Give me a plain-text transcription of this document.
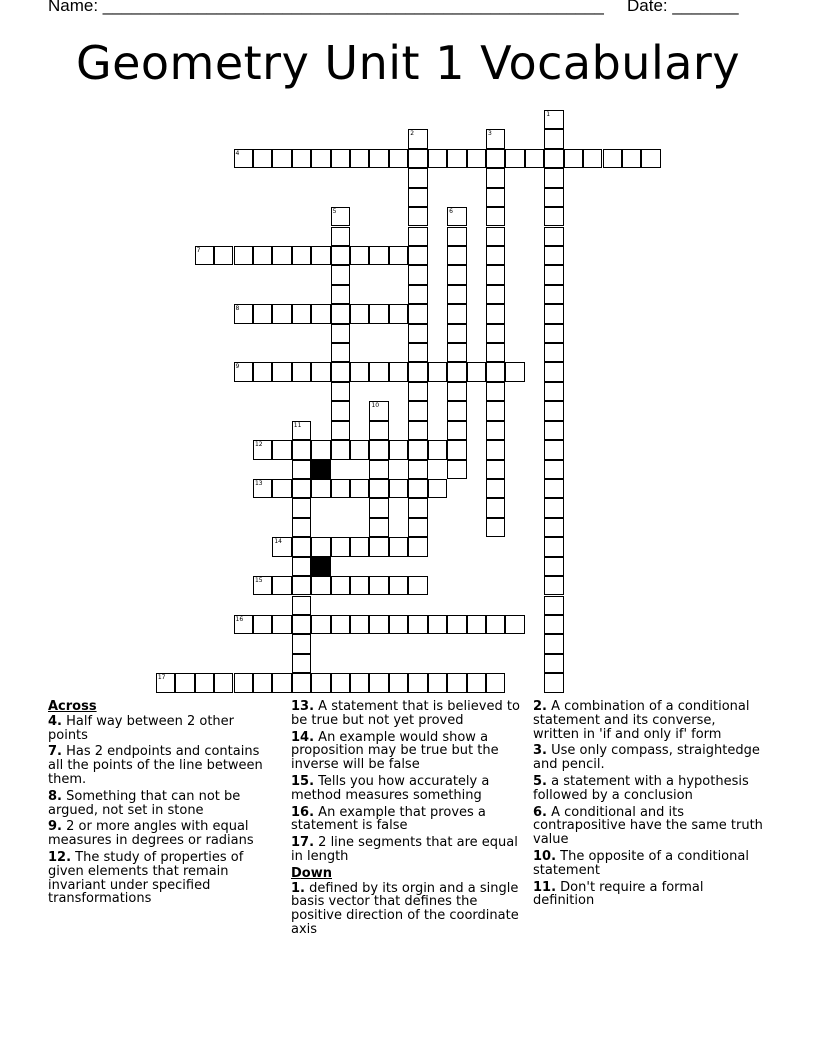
Name: _____________________________________________________ Date: _______
Geometry Unit 1 Vocabulary
1
2	3
4
5	6
7
8
9
10
11
12
13
14
15
16
17
Across

4. Half way between 2 other points

7. Has 2 endpoints and contains all the points of the line between them.

8. Something that can not be argued, not set in stone

9. 2 or more angles with equal measures in degrees or radians

12. The study of properties of given elements that remain invariant under specified transformations

13. A statement that is believed to be true but not yet proved

14. An example would show a proposition may be true but the inverse will be false

15. Tells you how accurately a method measures something

16. An example that proves a statement is false

17. 2 line segments that are equal in length

Down

1. defined by its orgin and a single basis vector that defines the positive direction of the coordinate axis

2. A combination of a conditional statement and its converse, written in 'if and only if' form

3. Use only compass, straightedge and pencil.

5. a statement with a hypothesis followed by a conclusion

6. A conditional and its contrapositive have the same truth value

10. The opposite of a conditional statement

11. Don't require a formal definition
